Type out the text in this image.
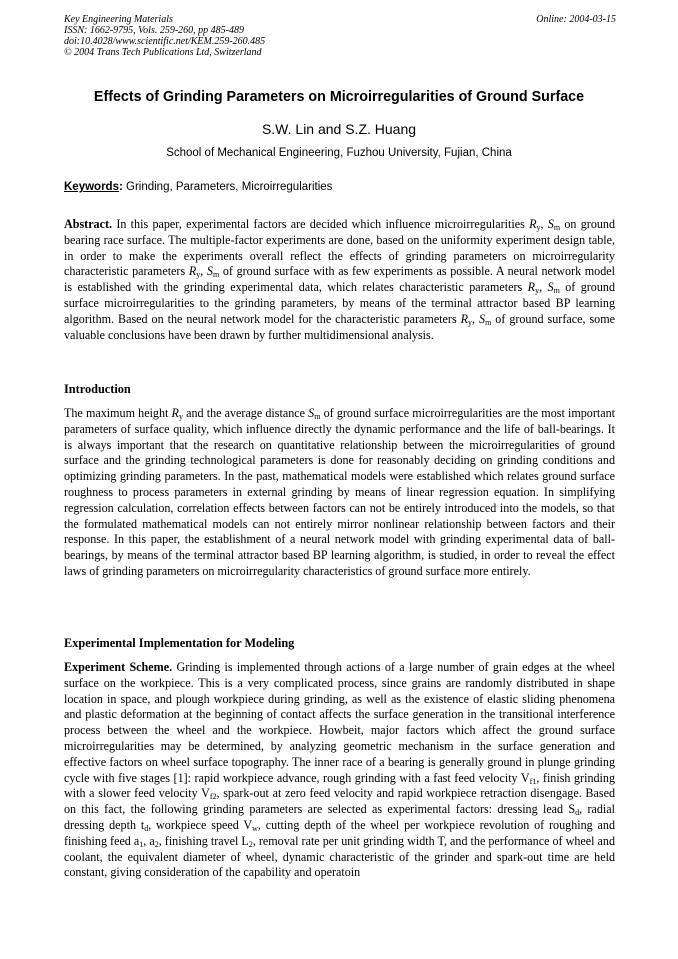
Key Engineering Materials
ISSN: 1662-9795, Vols. 259-260, pp 485-489
doi:10.4028/www.scientific.net/KEM.259-260.485
© 2004 Trans Tech Publications Ltd, Switzerland
Online: 2004-03-15
Effects of Grinding Parameters on Microirregularities of Ground Surface
S.W. Lin and S.Z. Huang
School of Mechanical Engineering, Fuzhou University, Fujian, China
Keywords: Grinding, Parameters, Microirregularities

Abstract. In this paper, experimental factors are decided which influence microirregularities $R_y$, $S_m$ on ground bearing race surface. The multiple-factor experiments are done, based on the uniformity experiment design table, in order to make the experiments overall reflect the effects of grinding parameters on microirregularity characteristic parameters $R_y$, $S_m$ of ground surface with as few experiments as possible. A neural network model is established with the grinding experimental data, which relates characteristic parameters $R_y$, $S_m$ of ground surface microirregularities to the grinding parameters, by means of the terminal attractor based BP learning algorithm. Based on the neural network model for the characteristic parameters $R_y$, $S_m$ of ground surface, some valuable conclusions have been drawn by further multidimensional analysis.

Introduction

The maximum height $R_y$ and the average distance $S_m$ of ground surface microirregularities are the most important parameters of surface quality, which influence directly the dynamic performance and the life of ball-bearings. It is always important that the research on quantitative relationship between the microirregularities of ground surface and the grinding technological parameters is done for reasonably deciding on grinding conditions and optimizing grinding parameters. In the past, mathematical models were established which relates ground surface roughness to process parameters in external grinding by means of linear regression equation. In simplifying regression calculation, correlation effects between factors can not be entirely introduced into the models, so that the formulated mathematical models can not entirely mirror nonlinear relationship between factors and their response. In this paper, the establishment of a neural network model with grinding experimental data of ball-bearings, by means of the terminal attractor based BP learning algorithm, is studied, in order to reveal the effect laws of grinding parameters on microirregularity characteristics of ground surface more entirely.

Experimental Implementation for Modeling

Experiment Scheme. Grinding is implemented through actions of a large number of grain edges at the wheel surface on the workpiece. This is a very complicated process, since grains are randomly distributed in shape location in space, and plough workpiece during grinding, as well as the existence of elastic sliding phenomena and plastic deformation at the beginning of contact affects the surface generation in the transitional interference process between the wheel and the workpiece. Howbeit, major factors which affect the ground surface microirregularities may be determined, by analyzing geometric mechanism in the surface generation and effective factors on wheel surface topography. The inner race of a bearing is generally ground in plunge grinding cycle with five stages [1]: rapid workpiece advance, rough grinding with a fast feed velocity $V_{f1}$, finish grinding with a slower feed velocity $V_{f2}$, spark-out at zero feed velocity and rapid workpiece retraction disengage. Based on this fact, the following grinding parameters are selected as experimental factors: dressing lead $S_d$, radial dressing depth $t_d$, workpiece speed $V_w$, cutting depth of the wheel per workpiece revolution of roughing and finishing feed $a_1$, $a_2$, finishing travel $L_2$, removal rate per unit grinding width T, and the performance of wheel and coolant, the equivalent diameter of wheel, dynamic characteristic of the grinder and spark-out time are held constant, giving consideration of the capability and operatoin
